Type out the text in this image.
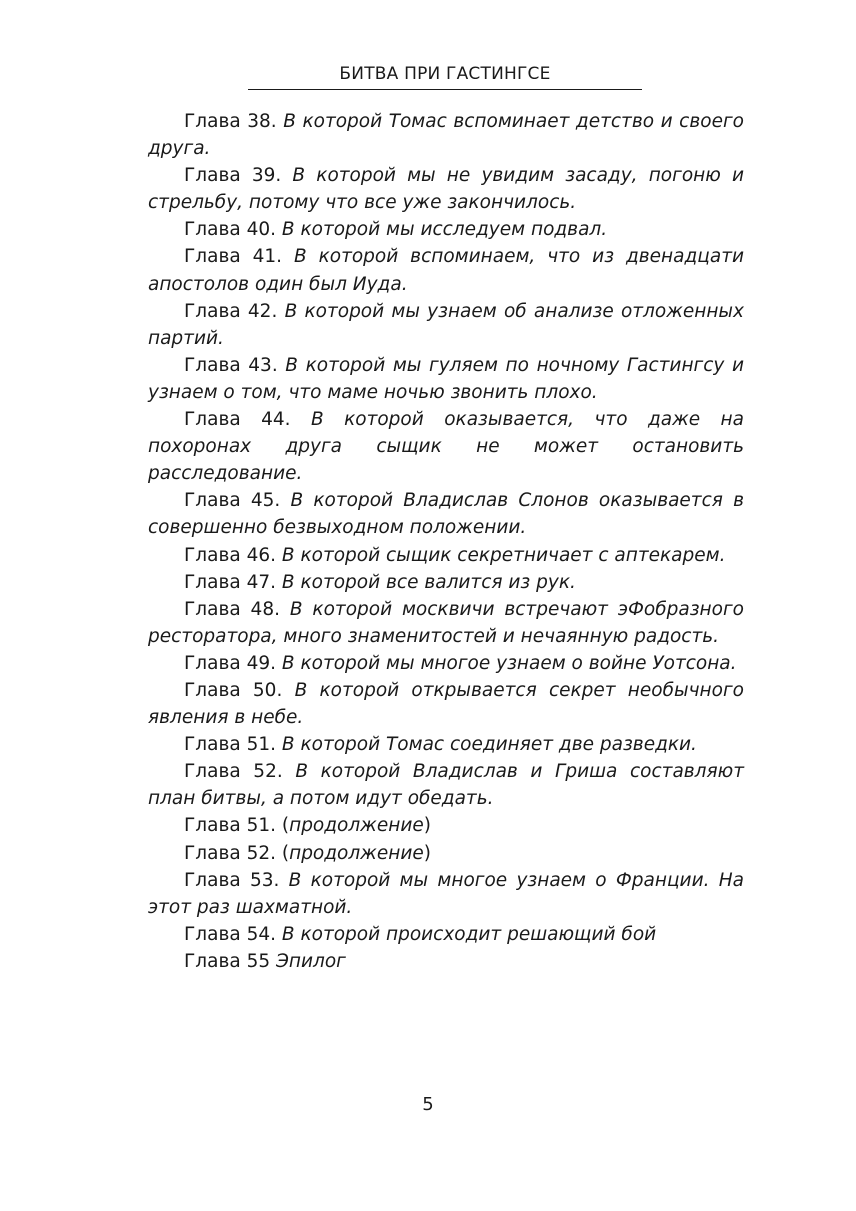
БИТВА ПРИ ГАСТИНГСЕ

Глава 38. В которой Томас вспоминает детство и своего друга.

Глава 39. В которой мы не увидим засаду, погоню и стрельбу, потому что все уже закончилось.

Глава 40. В которой мы исследуем подвал.

Глава 41. В которой вспоминаем, что из двенадцати апостолов один был Иуда.

Глава 42. В которой мы узнаем об анализе отложенных партий.

Глава 43. В которой мы гуляем по ночному Гастингсу и узнаем о том, что маме ночью звонить плохо.

Глава 44. В которой оказывается, что даже на похоронах друга сыщик не может остановить расследование.

Глава 45. В которой Владислав Слонов оказывается в совершенно безвыходном положении.

Глава 46. В которой сыщик секретничает с аптекарем.

Глава 47. В которой все валится из рук.

Глава 48. В которой москвичи встречают эФобразного ресторатора, много знаменитостей и нечаянную радость.

Глава 49. В которой мы многое узнаем о войне Уотсона.

Глава 50. В которой открывается секрет необычного явления в небе.

Глава 51. В которой Томас соединяет две разведки.

Глава 52. В которой Владислав и Гриша составляют план битвы, а потом идут обедать.

Глава 51. (продолжение)

Глава 52. (продолжение)

Глава 53. В которой мы многое узнаем о Франции. На этот раз шахматной.

Глава 54. В которой происходит решающий бой

Глава 55 Эпилог

5
